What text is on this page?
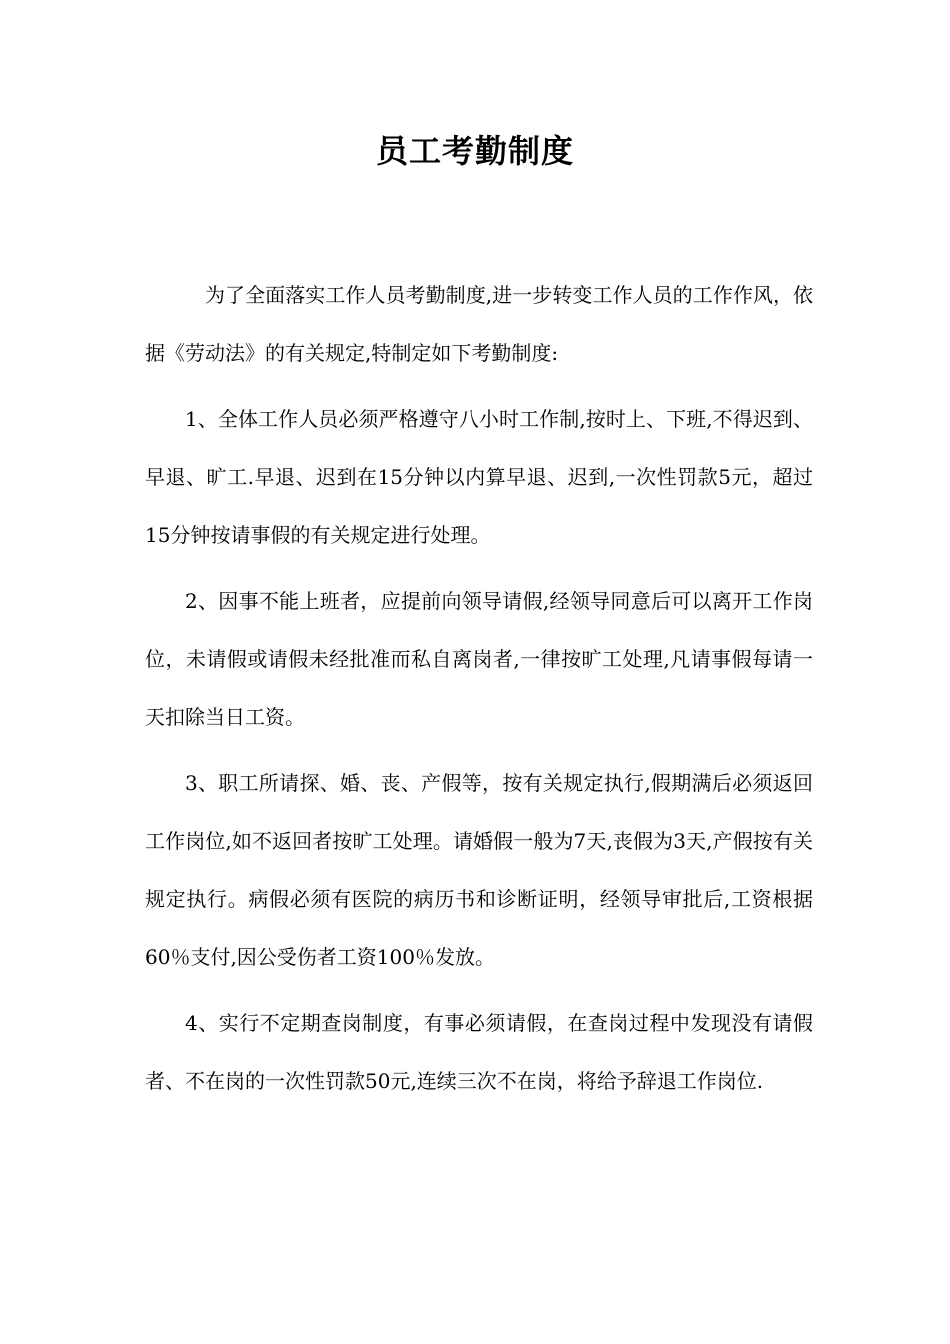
员工考勤制度

为了全面落实工作人员考勤制度,进一步转变工作人员的工作作风，依据《劳动法》的有关规定,特制定如下考勤制度:

1、全体工作人员必须严格遵守八小时工作制,按时上、下班,不得迟到、早退、旷工.早退、迟到在15分钟以内算早退、迟到,一次性罚款5元，超过15分钟按请事假的有关规定进行处理。

2、因事不能上班者，应提前向领导请假,经领导同意后可以离开工作岗位，未请假或请假未经批准而私自离岗者,一律按旷工处理,凡请事假每请一天扣除当日工资。

3、职工所请探、婚、丧、产假等，按有关规定执行,假期满后必须返回工作岗位,如不返回者按旷工处理。请婚假一般为7天,丧假为3天,产假按有关规定执行。病假必须有医院的病历书和诊断证明，经领导审批后,工资根据60％支付,因公受伤者工资100％发放。

4、实行不定期查岗制度，有事必须请假，在查岗过程中发现没有请假者、不在岗的一次性罚款50元,连续三次不在岗，将给予辞退工作岗位.
